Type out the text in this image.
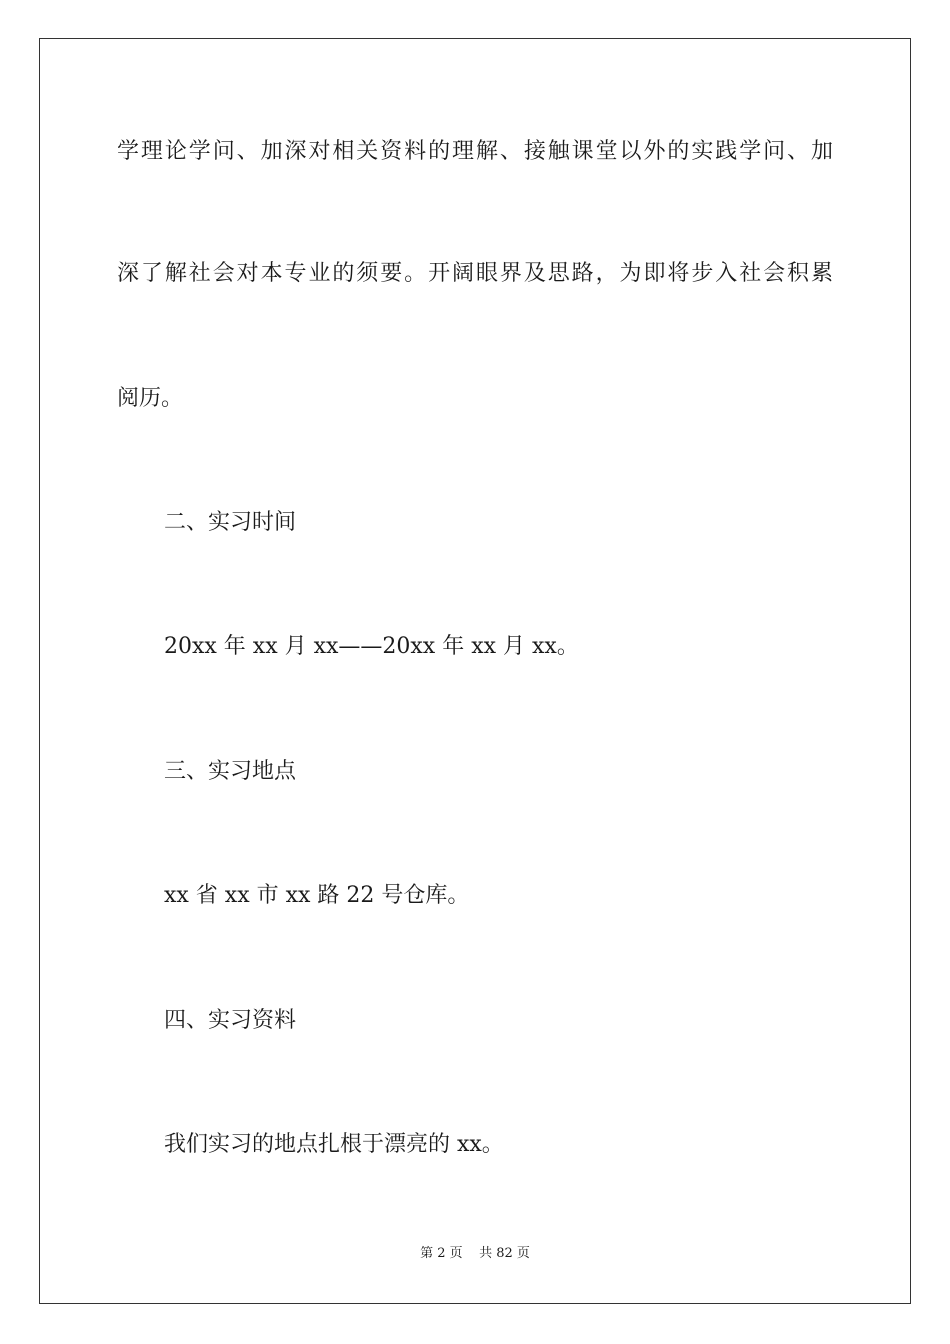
学理论学问、加深对相关资料的理解、接触课堂以外的实践学问、加
深了解社会对本专业的须要。开阔眼界及思路，为即将步入社会积累
阅历。
二、实习时间
20xx 年 xx 月 xx——20xx 年 xx 月 xx。
三、实习地点
xx 省 xx 市 xx 路 22 号仓库。
四、实习资料
我们实习的地点扎根于漂亮的 xx。
第 2 页    共 82 页
